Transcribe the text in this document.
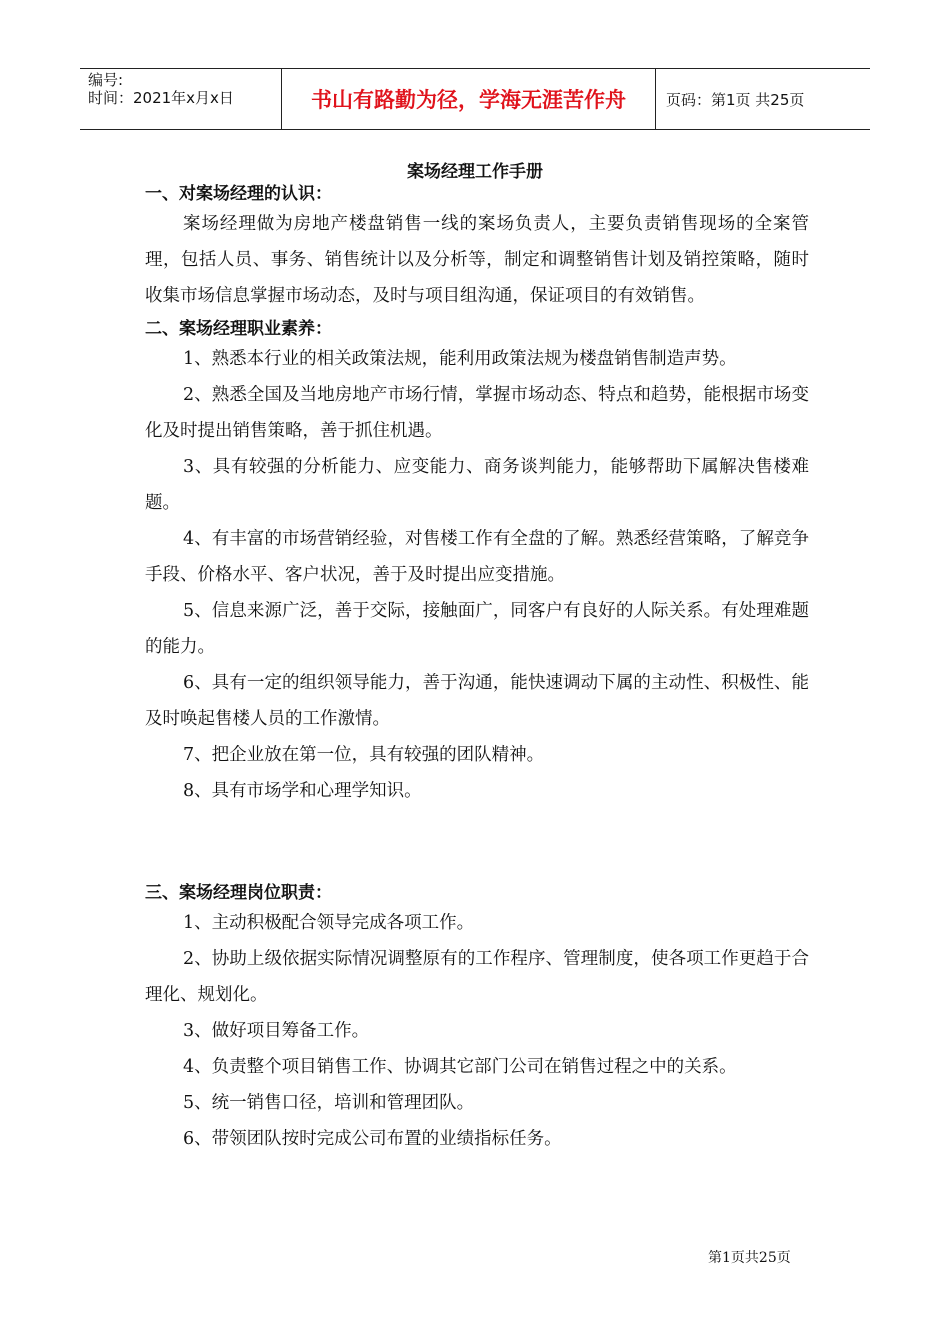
编号:
时间：2021年x月x日	书山有路勤为径，学海无涯苦作舟	页码：第1页 共25页
案场经理工作手册
一、对案场经理的认识：

案场经理做为房地产楼盘销售一线的案场负责人，主要负责销售现场的全案管理，包括人员、事务、销售统计以及分析等，制定和调整销售计划及销控策略，随时收集市场信息掌握市场动态，及时与项目组沟通，保证项目的有效销售。

二、案场经理职业素养：

1、熟悉本行业的相关政策法规，能利用政策法规为楼盘销售制造声势。

2、熟悉全国及当地房地产市场行情，掌握市场动态、特点和趋势，能根据市场变化及时提出销售策略，善于抓住机遇。

3、具有较强的分析能力、应变能力、商务谈判能力，能够帮助下属解决售楼难题。

4、有丰富的市场营销经验，对售楼工作有全盘的了解。熟悉经营策略，了解竞争手段、价格水平、客户状况，善于及时提出应变措施。

5、信息来源广泛，善于交际，接触面广，同客户有良好的人际关系。有处理难题的能力。

6、具有一定的组织领导能力，善于沟通，能快速调动下属的主动性、积极性、能及时唤起售楼人员的工作激情。

7、把企业放在第一位，具有较强的团队精神。

8、具有市场学和心理学知识。

三、案场经理岗位职责：

1、主动积极配合领导完成各项工作。

2、协助上级依据实际情况调整原有的工作程序、管理制度，使各项工作更趋于合理化、规划化。

3、做好项目筹备工作。

4、负责整个项目销售工作、协调其它部门公司在销售过程之中的关系。

5、统一销售口径，培训和管理团队。

6、带领团队按时完成公司布置的业绩指标任务。

第1页共25页
